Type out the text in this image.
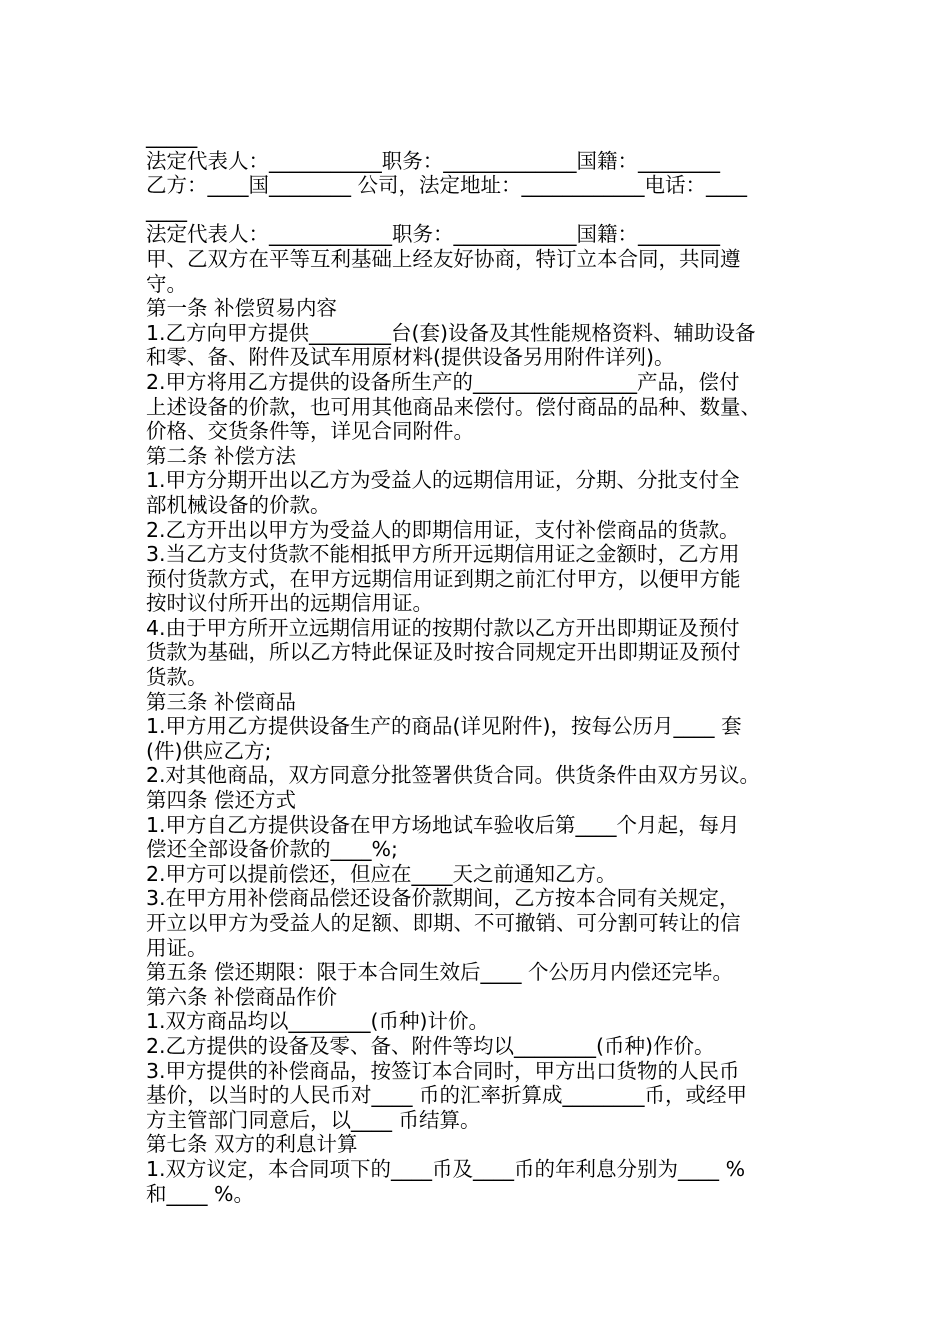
_____

法定代表人：___________职务：_____________国籍：________

乙方：____国________ 公司，法定地址：____________电话：____

____

法定代表人：____________职务：____________国籍：________

甲、乙双方在平等互利基础上经友好协商，特订立本合同，共同遵

守。

第一条 补偿贸易内容

1.乙方向甲方提供________台(套)设备及其性能规格资料、辅助设备

和零、备、附件及试车用原材料(提供设备另用附件详列)。

2.甲方将用乙方提供的设备所生产的________________产品，偿付

上述设备的价款，也可用其他商品来偿付。偿付商品的品种、数量、

价格、交货条件等，详见合同附件。

第二条 补偿方法

1.甲方分期开出以乙方为受益人的远期信用证，分期、分批支付全

部机械设备的价款。

2.乙方开出以甲方为受益人的即期信用证，支付补偿商品的货款。

3.当乙方支付货款不能相抵甲方所开远期信用证之金额时，乙方用

预付货款方式，在甲方远期信用证到期之前汇付甲方，以便甲方能

按时议付所开出的远期信用证。

4.由于甲方所开立远期信用证的按期付款以乙方开出即期证及预付

货款为基础，所以乙方特此保证及时按合同规定开出即期证及预付

货款。

第三条 补偿商品

1.甲方用乙方提供设备生产的商品(详见附件)，按每公历月____ 套

(件)供应乙方;

2.对其他商品，双方同意分批签署供货合同。供货条件由双方另议。

第四条 偿还方式

1.甲方自乙方提供设备在甲方场地试车验收后第____个月起，每月

偿还全部设备价款的____%;

2.甲方可以提前偿还，但应在____天之前通知乙方。

3.在甲方用补偿商品偿还设备价款期间，乙方按本合同有关规定，

开立以甲方为受益人的足额、即期、不可撤销、可分割可转让的信

用证。

第五条 偿还期限：限于本合同生效后____ 个公历月内偿还完毕。

第六条 补偿商品作价

1.双方商品均以________(币种)计价。

2.乙方提供的设备及零、备、附件等均以________(币种)作价。

3.甲方提供的补偿商品，按签订本合同时，甲方出口货物的人民币

基价，以当时的人民币对____ 币的汇率折算成________币，或经甲

方主管部门同意后，以____ 币结算。

第七条 双方的利息计算

1.双方议定，本合同项下的____币及____币的年利息分别为____ %

和____ %。
